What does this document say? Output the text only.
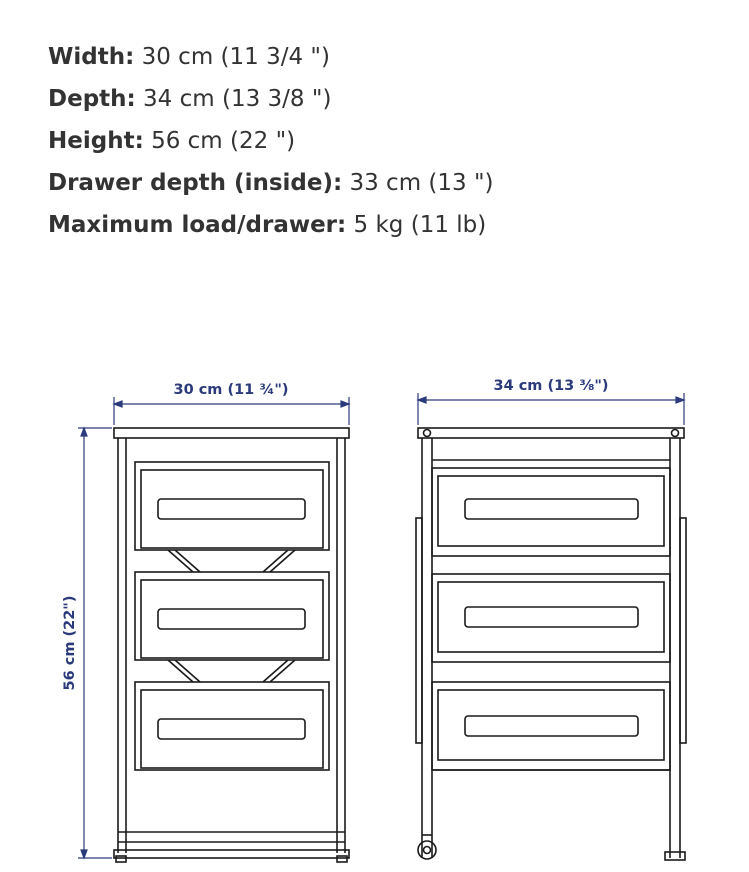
Width: 30 cm (11 3/4 ")
Depth: 34 cm (13 3/8 ")
Height: 56 cm (22 ")
Drawer depth (inside): 33 cm (13 ")
Maximum load/drawer: 5 kg (11 lb)
30 cm (11 ¾")	34 cm (13 ⅜")
56 cm (22")
